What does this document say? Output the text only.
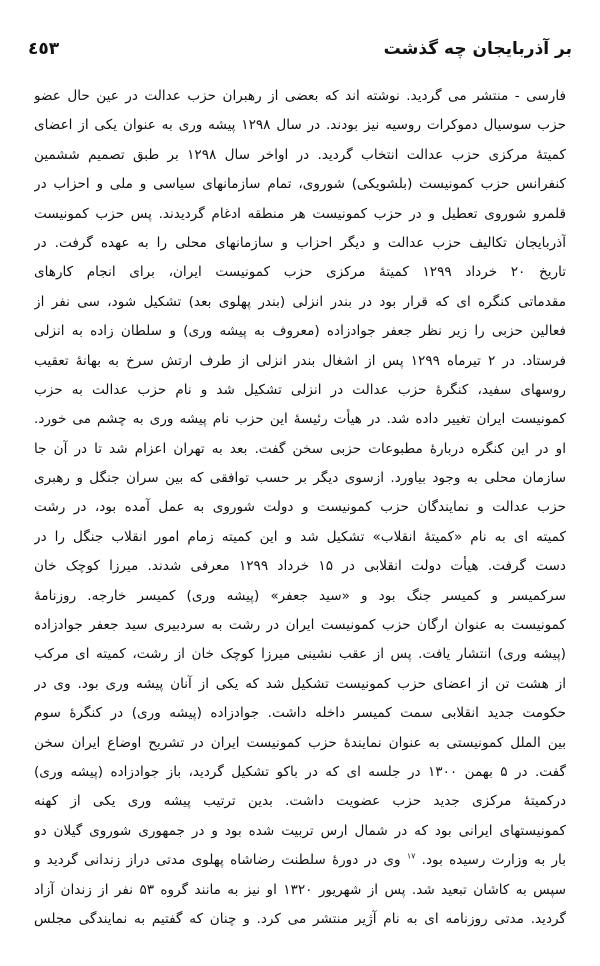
٤٥٣	بر آذربایجان چه گذشت
فارسی - منتشر می گردید. نوشته اند که بعضی از رهبران حزب عدالت در عین حال عضو
حزب سوسیال دموکرات روسیه نیز بودند. در سال ۱۲۹۸ پیشه وری به عنوان یکی از اعضای
کمیتهٔ مرکزی حزب عدالت انتخاب گردید. در اواخر سال ۱۲۹۸ بر طبق تصمیم ششمین
کنفرانس حزب کمونیست (بلشویکی) شوروی، تمام سازمانهای سیاسی و ملی و احزاب در
قلمرو شوروی تعطیل و در حزب کمونیست هر منطقه ادغام گردیدند. پس حزب کمونیست
آذربایجان تکالیف حزب عدالت و دیگر احزاب و سازمانهای محلی را به عهده گرفت. در
تاریخ ۲۰ خرداد ۱۲۹۹ کمیتهٔ مرکزی حزب کمونیست ایران، برای انجام کارهای
مقدماتی کنگره ای که قرار بود در بندر انزلی (بندر پهلوی بعد) تشکیل شود، سی نفر از
فعالین حزبی را زیر نظر جعفر جوادزاده (معروف به پیشه وری) و سلطان زاده به انزلی
فرستاد. در ۲ تیرماه ۱۲۹۹ پس از اشغال بندر انزلی از طرف ارتش سرخ به بهانهٔ تعقیب
روسهای سفید، کنگرهٔ حزب عدالت در انزلی تشکیل شد و نام حزب عدالت به حزب
کمونیست ایران تغییر داده شد. در هیأت رئیسهٔ این حزب نام پیشه وری به چشم می خورد.
او در این کنگره دربارهٔ مطبوعات حزبی سخن گفت. بعد به تهران اعزام شد تا در آن جا
سازمان محلی به وجود بیاورد. ازسوی دیگر بر حسب توافقی که بین سران جنگل و رهبری
حزب عدالت و نمایندگان حزب کمونیست و دولت شوروی به عمل آمده بود، در رشت
کمیته ای به نام «کمیتهٔ انقلاب» تشکیل شد و این کمیته زمام امور انقلاب جنگل را در
دست گرفت. هیأت دولت انقلابی در ۱۵ خرداد ۱۲۹۹ معرفی شدند. میرزا کوچک خان
سرکمیسر و کمیسر جنگ بود و «سید جعفر» (پیشه وری) کمیسر خارجه. روزنامهٔ
کمونیست به عنوان ارگان حزب کمونیست ایران در رشت به سردبیری سید جعفر جوادزاده
(پیشه وری) انتشار یافت. پس از عقب نشینی میرزا کوچک خان از رشت، کمیته ای مرکب
از هشت تن از اعضای حزب کمونیست تشکیل شد که یکی از آنان پیشه وری بود. وی در
حکومت جدید انقلابی سمت کمیسر داخله داشت. جوادزاده (پیشه وری) در کنگرهٔ سوم
بین الملل کمونیستی به عنوان نمایندهٔ حزب کمونیست ایران در تشریح اوضاع ایران سخن
گفت. در ۵ بهمن ۱۳۰۰ در جلسه ای که در باکو تشکیل گردید، باز جوادزاده (پیشه وری)
درکمیتهٔ مرکزی جدید حزب عضویت داشت. بدین ترتیب پیشه وری یکی از کهنه
کمونیستهای ایرانی بود که در شمال ارس تربیت شده بود و در جمهوری شوروی گیلان دو
بار به وزارت رسیده بود. $^{۱۷}$ وی در دورهٔ سلطنت رضاشاه پهلوی مدتی دراز زندانی گردید و
سپس به کاشان تبعید شد. پس از شهریور ۱۳۲۰ او نیز به مانند گروه ۵۳ نفر از زندان آزاد
گردید. مدتی روزنامه ای به نام آژیر منتشر می کرد. و چنان که گفتیم به نمایندگی مجلس
